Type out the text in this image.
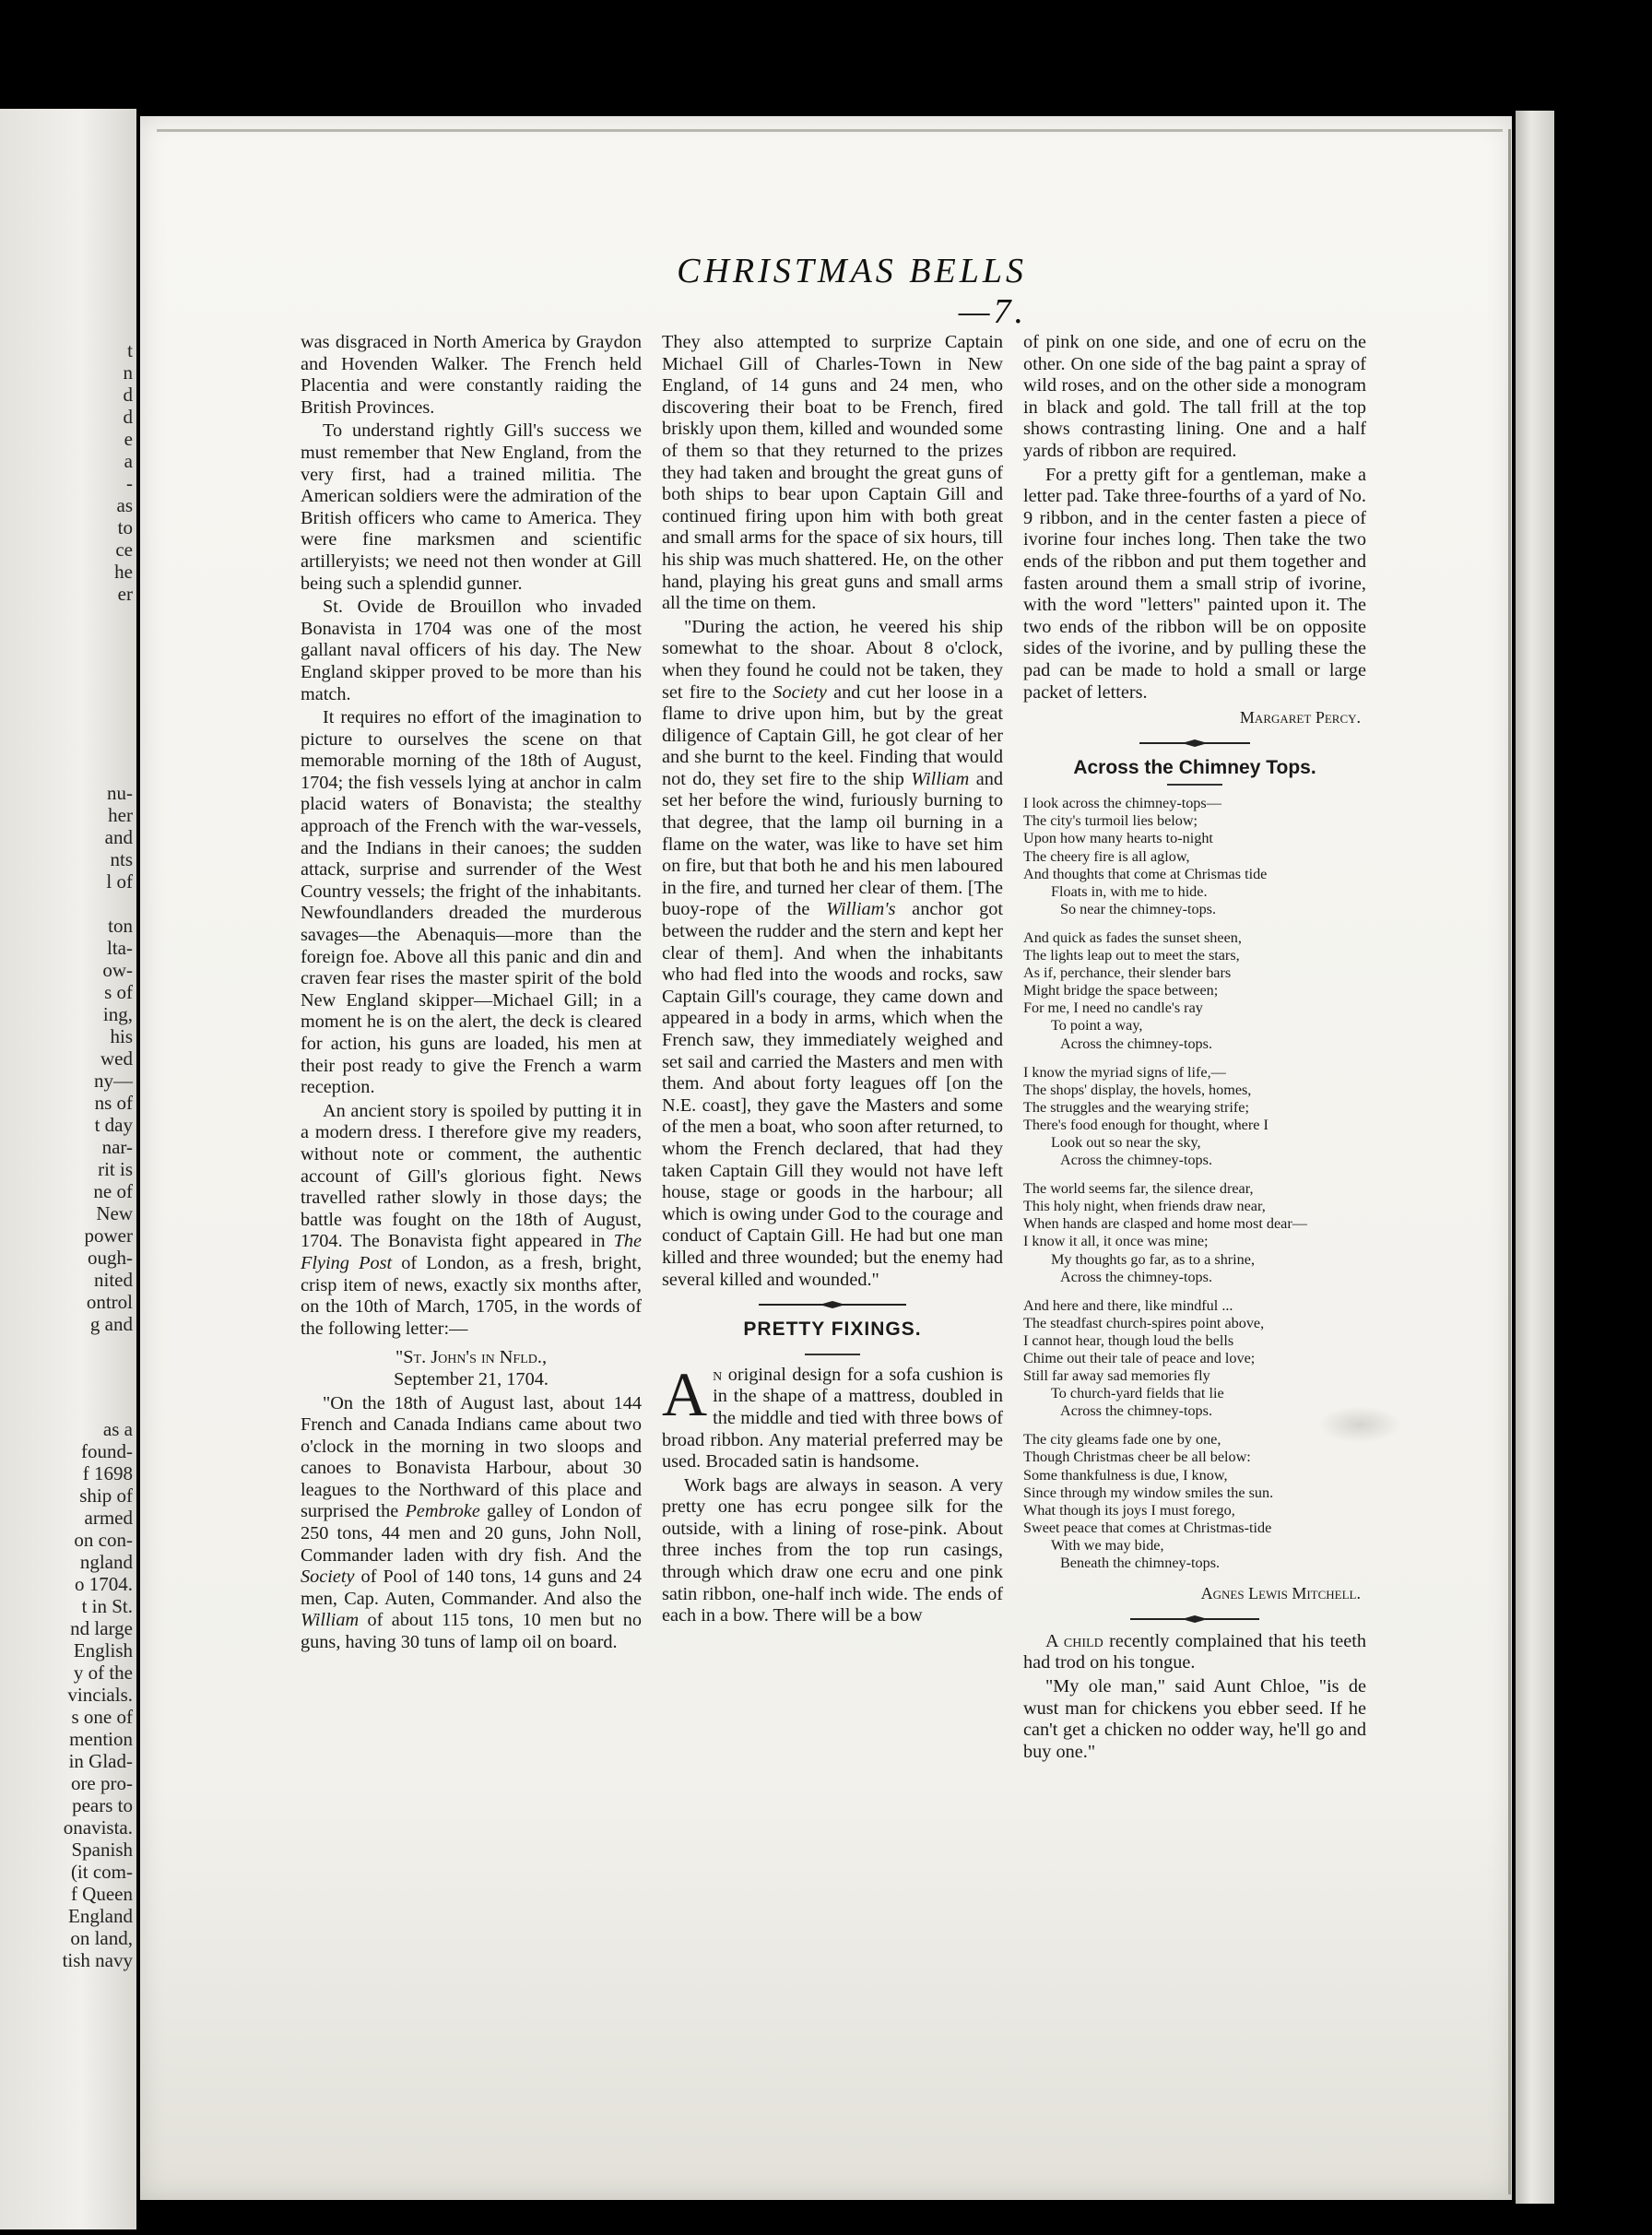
t
n
d
d
e
a
-
as
to
ce
he
er
nu-
her
and
nts
l of

ton
lta-
ow-
s of
ing,
his
wed
ny—
ns of
t day
nar-
rit is
ne of
New
power
ough-
nited
ontrol
g and
as a
found-
f 1698
ship of
armed
on con-
ngland
o 1704.
t in St.
nd large
English
y of the
vincials.
s one of
mention
in Glad-
ore pro-
pears to
onavista.
Spanish
(it com-
f Queen
England
on land,
tish navy
CHRISTMAS BELLS—7.

was disgraced in North America by Graydon and Hovenden Walker. The French held Placentia and were constantly raiding the British Provinces.

To understand rightly Gill's success we must remember that New England, from the very first, had a trained militia. The American soldiers were the admiration of the British officers who came to America. They were fine marksmen and scientific artilleryists; we need not then wonder at Gill being such a splendid gunner.

St. Ovide de Brouillon who invaded Bonavista in 1704 was one of the most gallant naval officers of his day. The New England skipper proved to be more than his match.

It requires no effort of the imagination to picture to ourselves the scene on that memorable morning of the 18th of August, 1704; the fish vessels lying at anchor in calm placid waters of Bonavista; the stealthy approach of the French with the war-vessels, and the Indians in their canoes; the sudden attack, surprise and surrender of the West Country vessels; the fright of the inhabitants. Newfoundlanders dreaded the murderous savages—the Abenaquis—more than the foreign foe. Above all this panic and din and craven fear rises the master spirit of the bold New England skipper—Michael Gill; in a moment he is on the alert, the deck is cleared for action, his guns are loaded, his men at their post ready to give the French a warm reception.

An ancient story is spoiled by putting it in a modern dress. I therefore give my readers, without note or comment, the authentic account of Gill's glorious fight. News travelled rather slowly in those days; the battle was fought on the 18th of August, 1704. The Bonavista fight appeared in The Flying Post of London, as a fresh, bright, crisp item of news, exactly six months after, on the 10th of March, 1705, in the words of the following letter:—

"St. John's in Nfld.,
September 21, 1704.

"On the 18th of August last, about 144 French and Canada Indians came about two o'clock in the morning in two sloops and canoes to Bonavista Harbour, about 30 leagues to the Northward of this place and surprised the Pembroke galley of London of 250 tons, 44 men and 20 guns, John Noll, Commander laden with dry fish. And the Society of Pool of 140 tons, 14 guns and 24 men, Cap. Auten, Commander. And also the William of about 115 tons, 10 men but no guns, having 30 tuns of lamp oil on board.

They also attempted to surprize Captain Michael Gill of Charles-Town in New England, of 14 guns and 24 men, who discovering their boat to be French, fired briskly upon them, killed and wounded some of them so that they returned to the prizes they had taken and brought the great guns of both ships to bear upon Captain Gill and continued firing upon him with both great and small arms for the space of six hours, till his ship was much shattered. He, on the other hand, playing his great guns and small arms all the time on them.

"During the action, he veered his ship somewhat to the shoar. About 8 o'clock, when they found he could not be taken, they set fire to the Society and cut her loose in a flame to drive upon him, but by the great diligence of Captain Gill, he got clear of her and she burnt to the keel. Finding that would not do, they set fire to the ship William and set her before the wind, furiously burning to that degree, that the lamp oil burning in a flame on the water, was like to have set him on fire, but that both he and his men laboured in the fire, and turned her clear of them. [The buoy-rope of the William's anchor got between the rudder and the stern and kept her clear of them]. And when the inhabitants who had fled into the woods and rocks, saw Captain Gill's courage, they came down and appeared in a body in arms, which when the French saw, they immediately weighed and set sail and carried the Masters and men with them. And about forty leagues off [on the N.E. coast], they gave the Masters and some of the men a boat, who soon after returned, to whom the French declared, that had they taken Captain Gill they would not have left house, stage or goods in the harbour; all which is owing under God to the courage and conduct of Captain Gill. He had but one man killed and three wounded; but the enemy had several killed and wounded."

PRETTY FIXINGS.

An original design for a sofa cushion is in the shape of a mattress, doubled in the middle and tied with three bows of broad ribbon. Any material preferred may be used. Brocaded satin is handsome.

Work bags are always in season. A very pretty one has ecru pongee silk for the outside, with a lining of rose-pink. About three inches from the top run casings, through which draw one ecru and one pink satin ribbon, one-half inch wide. The ends of each in a bow. There will be a bow

of pink on one side, and one of ecru on the other. On one side of the bag paint a spray of wild roses, and on the other side a monogram in black and gold. The tall frill at the top shows contrasting lining. One and a half yards of ribbon are required.

For a pretty gift for a gentleman, make a letter pad. Take three-fourths of a yard of No. 9 ribbon, and in the center fasten a piece of ivorine four inches long. Then take the two ends of the ribbon and put them together and fasten around them a small strip of ivorine, with the word "letters" painted upon it. The two ends of the ribbon will be on opposite sides of the ivorine, and by pulling these the pad can be made to hold a small or large packet of letters.

Margaret Percy.

Across the Chimney Tops.
I look across the chimney-tops—
The city's turmoil lies below;
Upon how many hearts to-night
The cheery fire is all aglow,
And thoughts that come at Chrismas tide
Floats in, with me to hide.
So near the chimney-tops.
And quick as fades the sunset sheen,
The lights leap out to meet the stars,
As if, perchance, their slender bars
Might bridge the space between;
For me, I need no candle's ray
To point a way,
Across the chimney-tops.
I know the myriad signs of life,—
The shops' display, the hovels, homes,
The struggles and the wearying strife;
There's food enough for thought, where I
Look out so near the sky,
Across the chimney-tops.
The world seems far, the silence drear,
This holy night, when friends draw near,
When hands are clasped and home most dear—
I know it all, it once was mine;
My thoughts go far, as to a shrine,
Across the chimney-tops.
And here and there, like mindful ...
The steadfast church-spires point above,
I cannot hear, though loud the bells
Chime out their tale of peace and love;
Still far away sad memories fly
To church-yard fields that lie
Across the chimney-tops.
The city gleams fade one by one,
Though Christmas cheer be all below:
Some thankfulness is due, I know,
Since through my window smiles the sun.
What though its joys I must forego,
Sweet peace that comes at Christmas-tide
With we may bide,
Beneath the chimney-tops.

Agnes Lewis Mitchell.

A child recently complained that his teeth had trod on his tongue.

"My ole man," said Aunt Chloe, "is de wust man for chickens you ebber seed. If he can't get a chicken no odder way, he'll go and buy one."
